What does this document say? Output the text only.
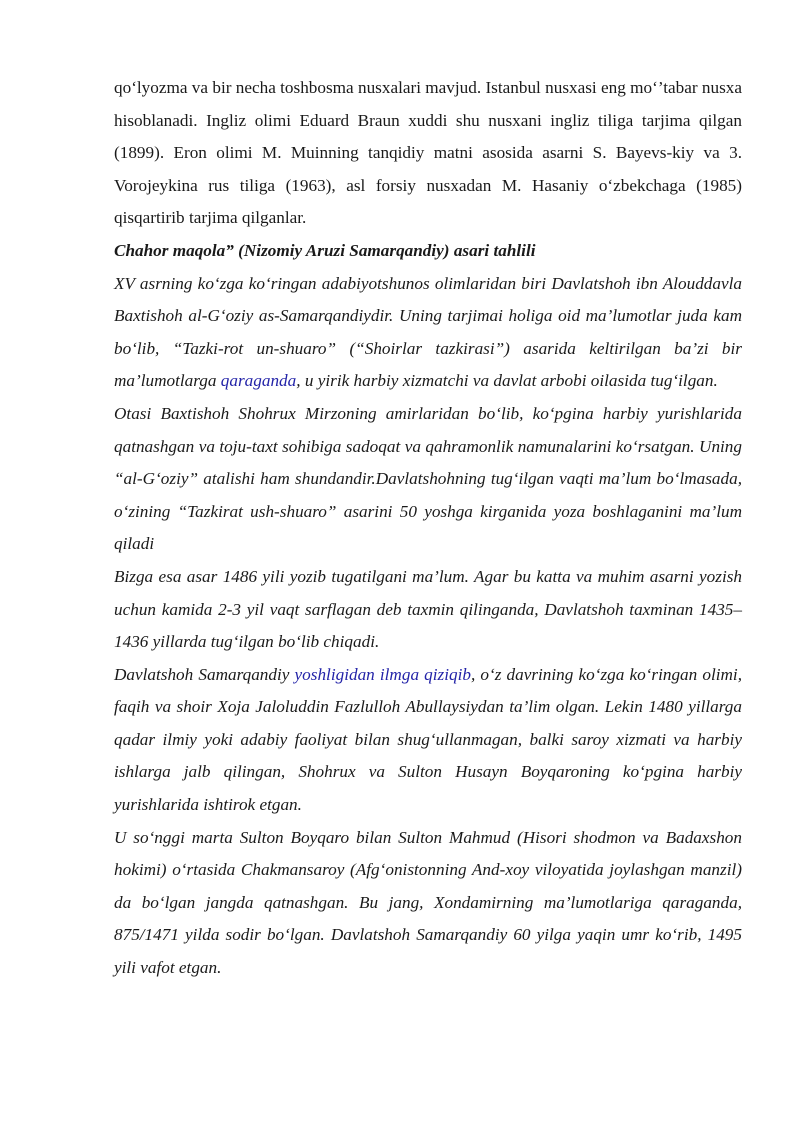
qo‘lyozma va bir necha toshbosma nusxalari mavjud. Istanbul nusxasi eng mo‘’tabar nusxa hisoblanadi. Ingliz olimi Eduard Braun xuddi shu nusxani ingliz tiliga tarjima qilgan (1899). Eron olimi M. Muinning tanqidiy matni asosida asarni S. Bayevs-kiy va 3. Vorojeykina rus tiliga (1963), asl forsiy nusxadan M. Hasaniy o‘zbekchaga (1985) qisqartirib tarjima qilganlar.

Chahor maqola” (Nizomiy Aruzi Samarqandiy) asari tahlili

XV asrning ko‘zga ko‘ringan adabiyotshunos olimlaridan biri Davlatshoh ibn Alouddavla Baxtishoh al-G‘oziy as-Samarqandiydir. Uning tarjimai holiga oid ma’lumotlar juda kam bo‘lib, “Tazki-rot un-shuaro” (“Shoirlar tazkirasi”) asarida keltirilgan ba’zi bir ma’lumotlarga qaraganda, u yirik harbiy xizmatchi va davlat arbobi oilasida tug‘ilgan.

Otasi Baxtishoh Shohrux Mirzoning amirlaridan bo‘lib, ko‘pgina harbiy yurishlarida qatnashgan va toju-taxt sohibiga sadoqat va qahramonlik namunalarini ko‘rsatgan. Uning “al-G‘oziy” atalishi ham shundandir.Davlatshohning tug‘ilgan vaqti ma’lum bo‘lmasada, o‘zining “Tazkirat ush-shuaro” asarini 50 yoshga kirganida yoza boshlaganini ma’lum qiladi

Bizga esa asar 1486 yili yozib tugatilgani ma’lum. Agar bu katta va muhim asarni yozish uchun kamida 2-3 yil vaqt sarflagan deb taxmin qilinganda, Davlatshoh taxminan 1435–1436 yillarda tug‘ilgan bo‘lib chiqadi.

Davlatshoh Samarqandiy yoshligidan ilmga qiziqib, o‘z davrining ko‘zga ko‘ringan olimi, faqih va shoir Xoja Jaloluddin Fazlulloh Abullaysiydan ta’lim olgan. Lekin 1480 yillarga qadar ilmiy yoki adabiy faoliyat bilan shug‘ullanmagan, balki saroy xizmati va harbiy ishlarga jalb qilingan, Shohrux va Sulton Husayn Boyqaroning ko‘pgina harbiy yurishlarida ishtirok etgan.

U so‘nggi marta Sulton Boyqaro bilan Sulton Mahmud (Hisori shodmon va Badaxshon hokimi) o‘rtasida Chakmansaroy (Afg‘onistonning And-xoy viloyatida joylashgan manzil) da bo‘lgan jangda qatnashgan. Bu jang, Xondamirning ma’lumotlariga qaraganda, 875/1471 yilda sodir bo‘lgan. Davlatshoh Samarqandiy 60 yilga yaqin umr ko‘rib, 1495 yili vafot etgan.
